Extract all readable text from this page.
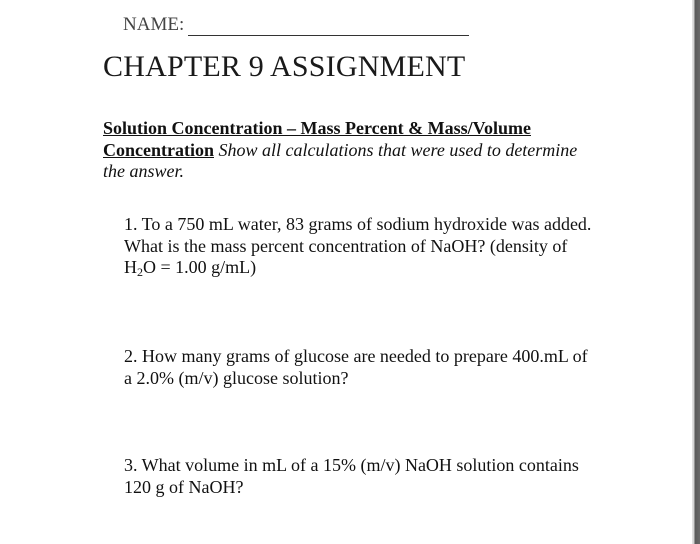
NAME:
CHAPTER 9 ASSIGNMENT
Solution Concentration – Mass Percent & Mass/Volume Concentration Show all calculations that were used to determine the answer.
1. To a 750 mL water, 83 grams of sodium hydroxide was added. What is the mass percent concentration of NaOH? (density of $H_2O = 1.00$ g/mL)
2. How many grams of glucose are needed to prepare 400.mL of a 2.0% (m/v) glucose solution?
3. What volume in mL of a 15% (m/v) NaOH solution contains 120 g of NaOH?
